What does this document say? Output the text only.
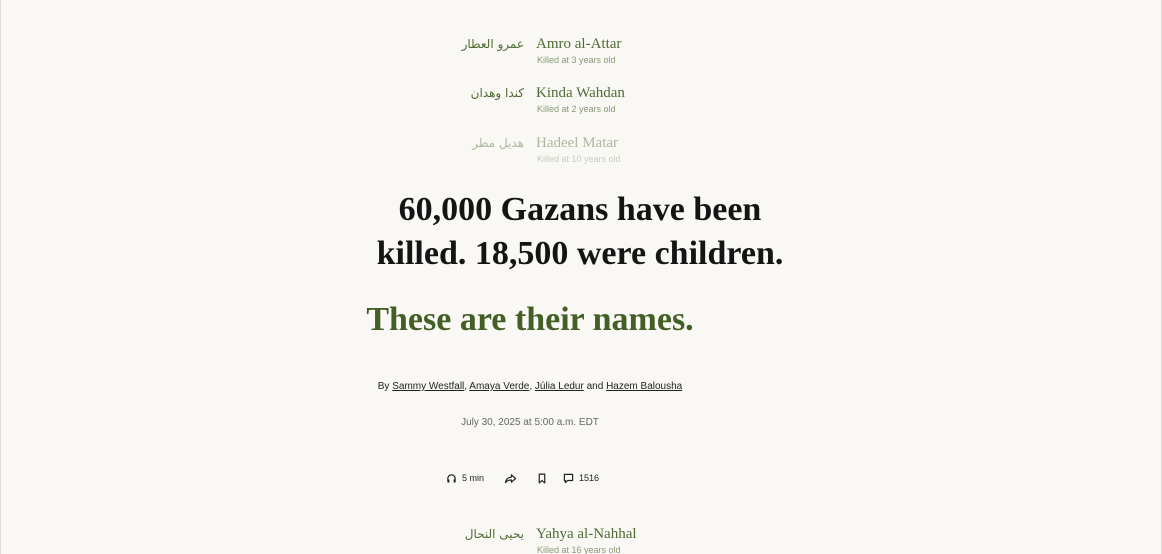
عمرو العطار Amro al-Attar
Killed at 3 years old
كندا وهدان Kinda Wahdan
Killed at 2 years old
هديل مطر Hadeel Matar
Killed at 10 years old
60,000 Gazans have been
killed. 18,500 were children.
These are their names.
By Sammy Westfall, Amaya Verde, Júlia Ledur and Hazem Balousha
July 30, 2025 at 5:00 a.m. EDT
5 min	1516
يحيى النحال Yahya al-Nahhal
Killed at 16 years old
